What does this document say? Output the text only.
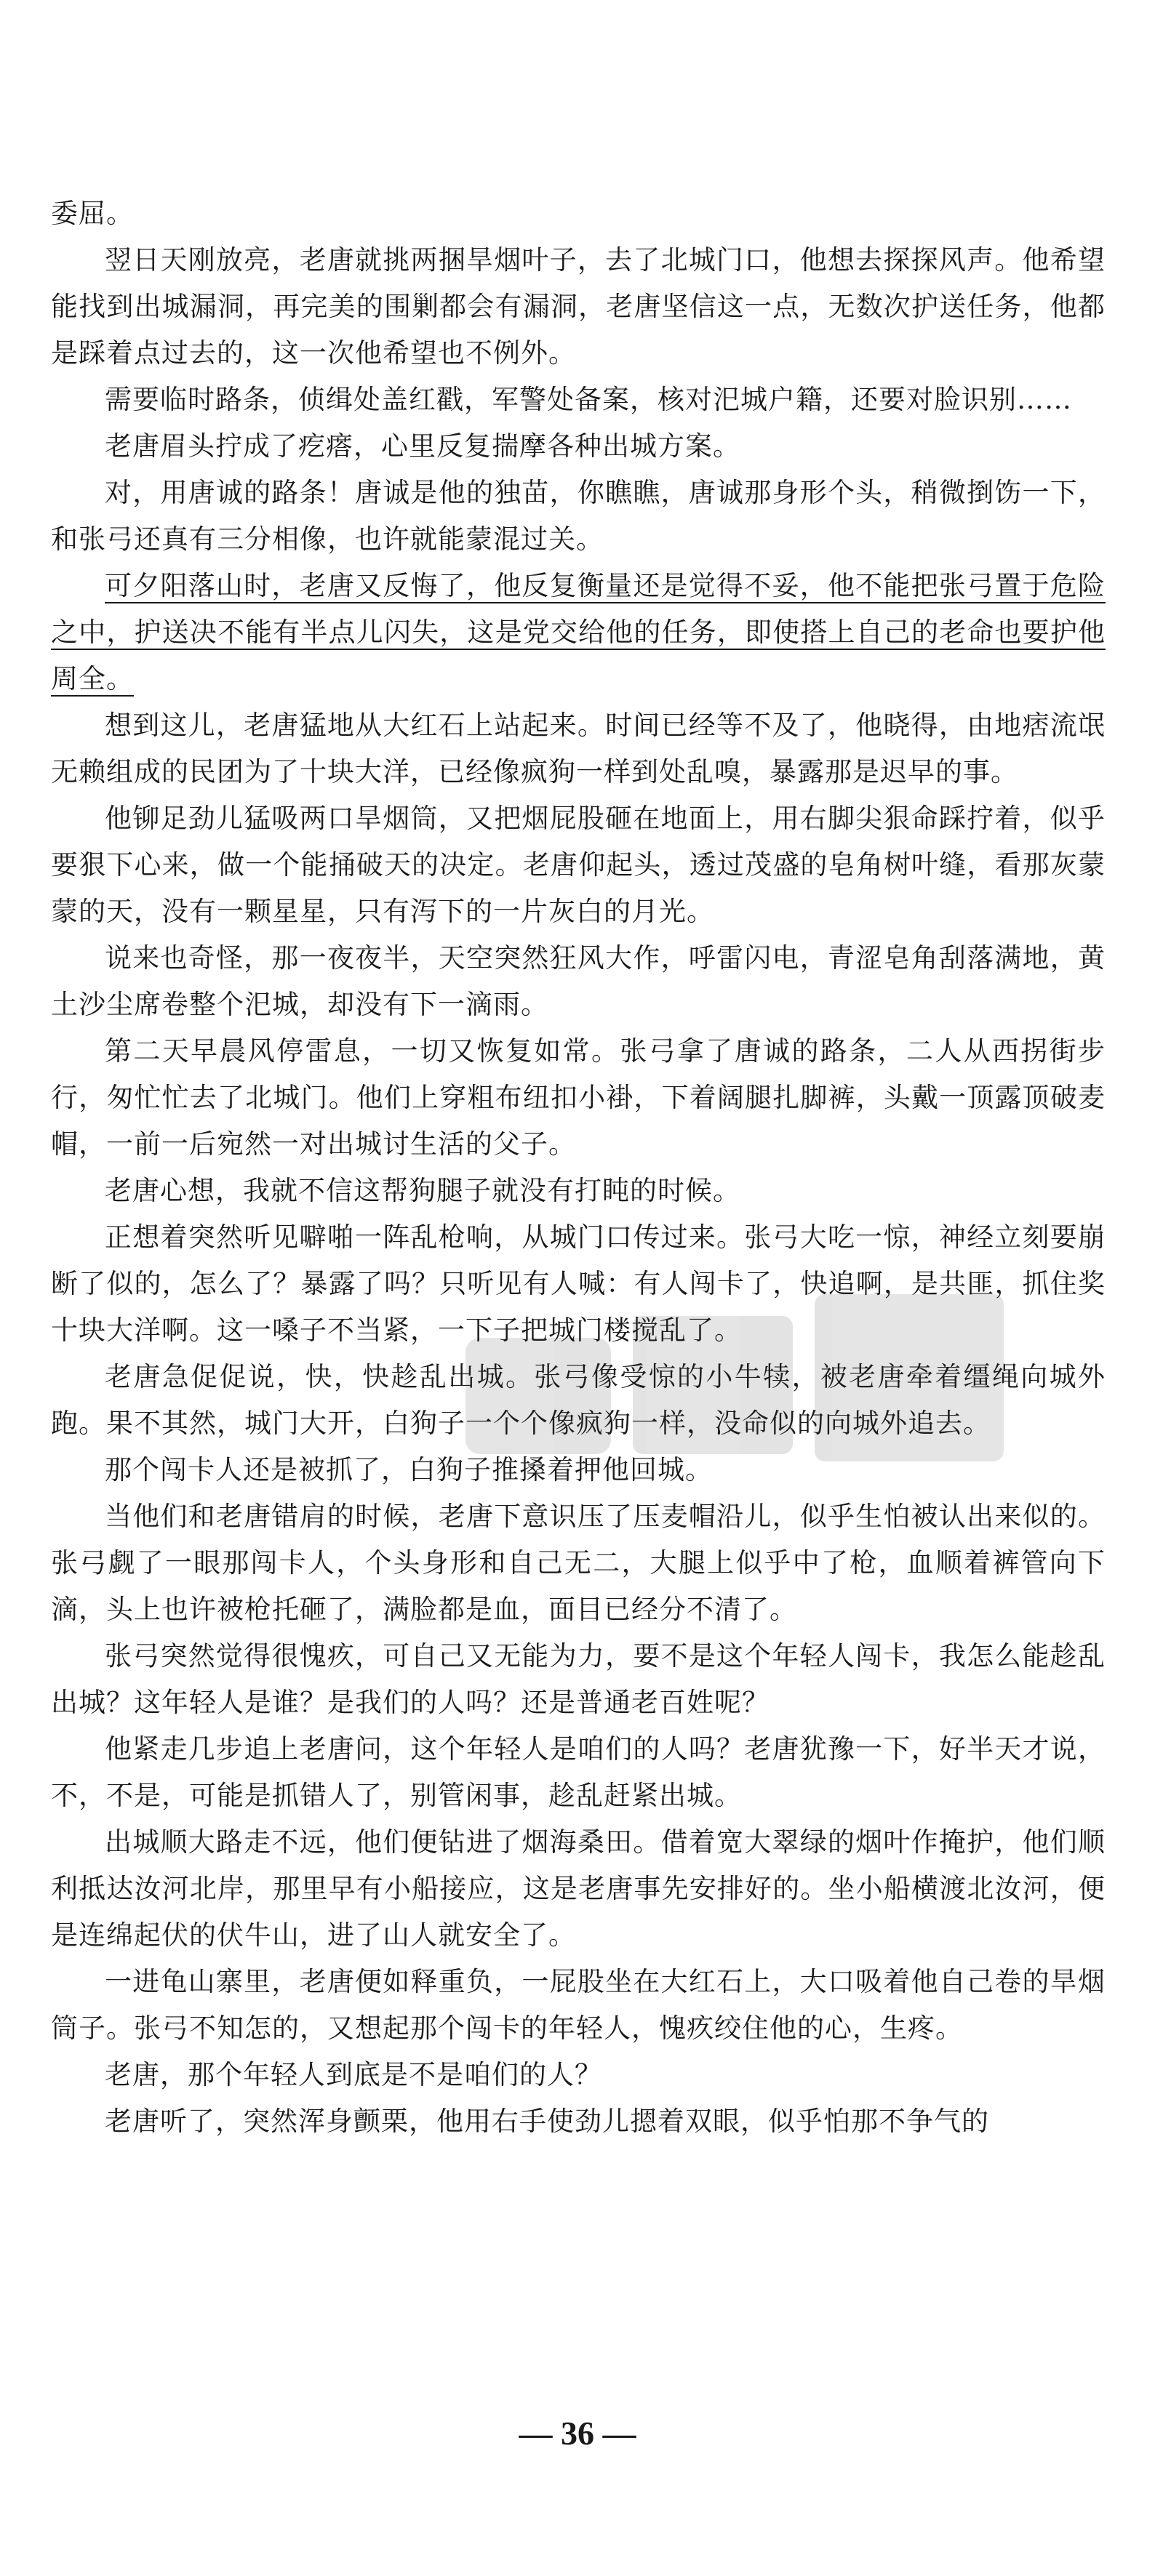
委屈。

翌日天刚放亮，老唐就挑两捆旱烟叶子，去了北城门口，他想去探探风声。他希望能找到出城漏洞，再完美的围剿都会有漏洞，老唐坚信这一点，无数次护送任务，他都是踩着点过去的，这一次他希望也不例外。

需要临时路条，侦缉处盖红戳，军警处备案，核对汜城户籍，还要对脸识别……

老唐眉头拧成了疙瘩，心里反复揣摩各种出城方案。

对，用唐诚的路条！唐诚是他的独苗，你瞧瞧，唐诚那身形个头，稍微捯饬一下，和张弓还真有三分相像，也许就能蒙混过关。

可夕阳落山时，老唐又反悔了，他反复衡量还是觉得不妥，他不能把张弓置于危险之中，护送决不能有半点儿闪失，这是党交给他的任务，即使搭上自己的老命也要护他周全。

想到这儿，老唐猛地从大红石上站起来。时间已经等不及了，他晓得，由地痞流氓无赖组成的民团为了十块大洋，已经像疯狗一样到处乱嗅，暴露那是迟早的事。

他铆足劲儿猛吸两口旱烟筒，又把烟屁股砸在地面上，用右脚尖狠命踩拧着，似乎要狠下心来，做一个能捅破天的决定。老唐仰起头，透过茂盛的皂角树叶缝，看那灰蒙蒙的天，没有一颗星星，只有泻下的一片灰白的月光。

说来也奇怪，那一夜夜半，天空突然狂风大作，呼雷闪电，青涩皂角刮落满地，黄土沙尘席卷整个汜城，却没有下一滴雨。

第二天早晨风停雷息，一切又恢复如常。张弓拿了唐诚的路条，二人从西拐街步行，匆忙忙去了北城门。他们上穿粗布纽扣小褂，下着阔腿扎脚裤，头戴一顶露顶破麦帽，一前一后宛然一对出城讨生活的父子。

老唐心想，我就不信这帮狗腿子就没有打盹的时候。

正想着突然听见噼啪一阵乱枪响，从城门口传过来。张弓大吃一惊，神经立刻要崩断了似的，怎么了？暴露了吗？只听见有人喊：有人闯卡了，快追啊，是共匪，抓住奖十块大洋啊。这一嗓子不当紧，一下子把城门楼搅乱了。

老唐急促促说，快，快趁乱出城。张弓像受惊的小牛犊，被老唐牵着缰绳向城外跑。果不其然，城门大开，白狗子一个个像疯狗一样，没命似的向城外追去。

那个闯卡人还是被抓了，白狗子推搡着押他回城。

当他们和老唐错肩的时候，老唐下意识压了压麦帽沿儿，似乎生怕被认出来似的。张弓觑了一眼那闯卡人，个头身形和自己无二，大腿上似乎中了枪，血顺着裤管向下滴，头上也许被枪托砸了，满脸都是血，面目已经分不清了。

张弓突然觉得很愧疚，可自己又无能为力，要不是这个年轻人闯卡，我怎么能趁乱出城？这年轻人是谁？是我们的人吗？还是普通老百姓呢？

他紧走几步追上老唐问，这个年轻人是咱们的人吗？老唐犹豫一下，好半天才说，不，不是，可能是抓错人了，别管闲事，趁乱赶紧出城。

出城顺大路走不远，他们便钻进了烟海桑田。借着宽大翠绿的烟叶作掩护，他们顺利抵达汝河北岸，那里早有小船接应，这是老唐事先安排好的。坐小船横渡北汝河，便是连绵起伏的伏牛山，进了山人就安全了。

一进龟山寨里，老唐便如释重负，一屁股坐在大红石上，大口吸着他自己卷的旱烟筒子。张弓不知怎的，又想起那个闯卡的年轻人，愧疚绞住他的心，生疼。

老唐，那个年轻人到底是不是咱们的人？

老唐听了，突然浑身颤栗，他用右手使劲儿摁着双眼，似乎怕那不争气的

— 36 —
